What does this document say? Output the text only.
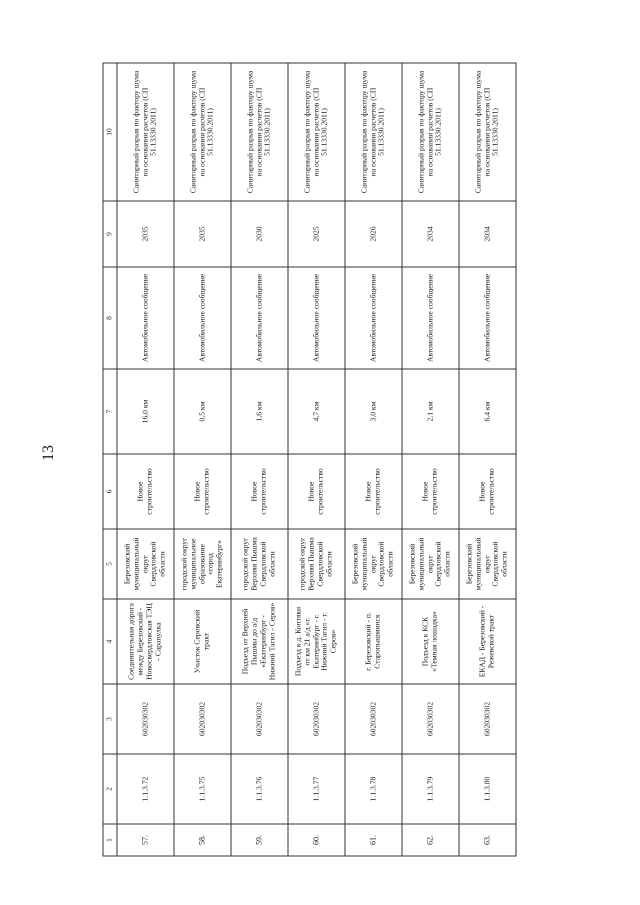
13
1	2	3	4	5	6	7	8	9	10
57.	1.1.3.72	602030302	Соединительная дорога между Березовский - Новосвердловская ТЭЦ - Сарапулка	Березовский муниципальный округ Свердловской области	Новое строительство	16,0 км	Автомобильное сообщение	2035	Санитарный разрыв по фактору шума на основании расчетов (СП 51.13330.2011)
58.	1.1.3.75	602030302	Участок Серовский тракт	городской округ муниципальное образование «город Екатеринбург»	Новое строительство	0,5 км	Автомобильное сообщение	2035	Санитарный разрыв по фактору шума на основании расчетов (СП 51.13330.2011)
59.	1.1.3.76	602030302	Подъезд от Верхней Пышмы до а/д «Екатеринбург - Нижний Тагил - Серов»	городской округ Верхняя Пышма Свердловской области	Новое строительство	1,6 км	Автомобильное сообщение	2030	Санитарный разрыв по фактору шума на основании расчетов (СП 51.13330.2011)
60.	1.1.3.77	602030302	Подъезд к д. Коптяки от км 21 а/д «г. Екатеринбург - г. Нижний Тагил - г. Серов»	городской округ Верхняя Пышма Свердловской области	Новое строительство	4,7 км	Автомобильное сообщение	2025	Санитарный разрыв по фактору шума на основании расчетов (СП 51.13330.2011)
61.	1.1.3.78	602030302	г. Березовский - п. Старопышминск	Березовский муниципальный округ Свердловской области	Новое строительство	3,0 км	Автомобильное сообщение	2026	Санитарный разрыв по фактору шума на основании расчетов (СП 51.13330.2011)
62.	1.1.3.79	602030302	Подъезд к КСК «Темная лошадка»	Березовский муниципальный округ Свердловской области	Новое строительство	2,1 км	Автомобильное сообщение	2034	Санитарный разрыв по фактору шума на основании расчетов (СП 51.13330.2011)
63.	1.1.3.80	602030302	ЕКАД - Березовский - Режевской тракт	Березовский муниципальный округ Свердловской области	Новое строительство	6,4 км	Автомобильное сообщение	2034	Санитарный разрыв по фактору шума на основании расчетов (СП 51.13330.2011)
